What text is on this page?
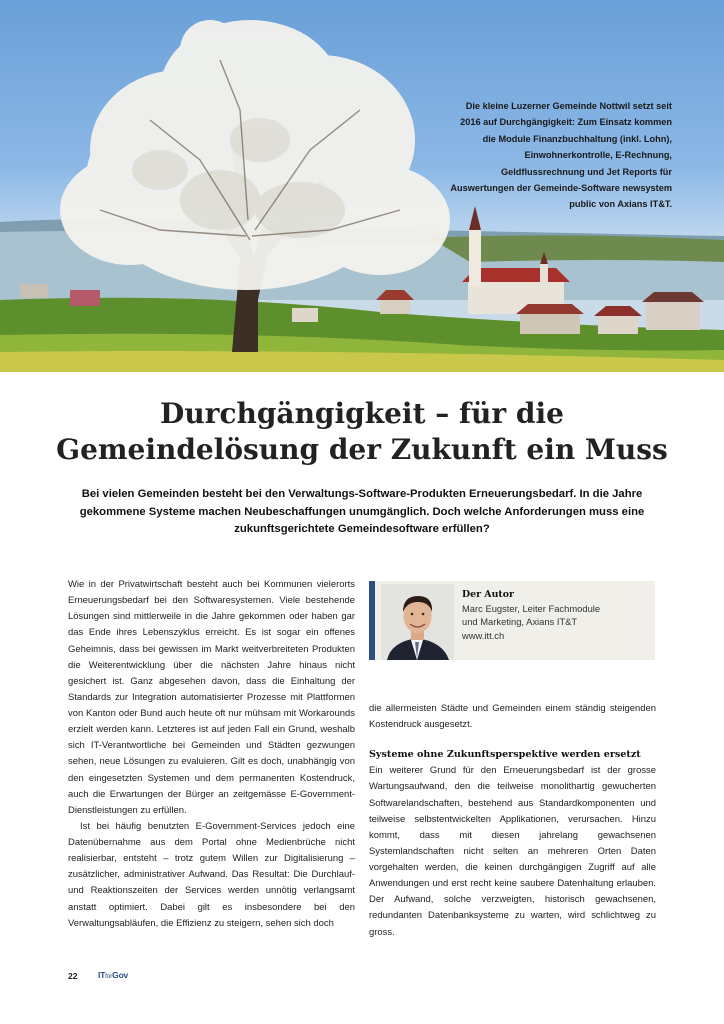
Die kleine Luzerner Gemeinde Nottwil setzt seit 2016 auf Durchgängigkeit: Zum Einsatz kommen die Module Finanzbuchhaltung (inkl. Lohn), Einwohnerkontrolle, E-Rechnung, Geldflussrechnung und Jet Reports für Auswertungen der Gemeinde-Software newsystem public von Axians IT&T.
Durchgängigkeit – für die
Gemeindelösung der Zukunft ein Muss

Bei vielen Gemeinden besteht bei den Verwaltungs-Software-Produkten Erneuerungsbedarf. In die Jahre gekommene Systeme machen Neubeschaffungen unumgänglich. Doch welche Anforderungen muss eine zukunftsgerichtete Gemeindesoftware erfüllen?

Wie in der Privatwirtschaft besteht auch bei Kommunen vielerorts Erneuerungsbedarf bei den Softwaresystemen. Viele bestehende Lösungen sind mittlerweile in die Jahre gekommen oder haben gar das Ende ihres Lebenszyklus erreicht. Es ist sogar ein offenes Geheimnis, dass bei gewissen im Markt weitverbreiteten Produkten die Weiterentwicklung über die nächsten Jahre hinaus nicht gesichert ist. Ganz abgesehen davon, dass die Einhaltung der Standards zur Integration automatisierter Prozesse mit Plattformen von Kanton oder Bund auch heute oft nur mühsam mit Workarounds erzielt werden kann. Letzteres ist auf jeden Fall ein Grund, weshalb sich IT-Verantwortliche bei Gemeinden und Städten gezwungen sehen, neue Lösungen zu evaluieren. Gilt es doch, unabhängig von den eingesetzten Systemen und dem permanenten Kostendruck, auch die Erwartungen der Bürger an zeitgemässe E-Government-Dienstleistungen zu erfüllen.

Ist bei häufig benutzten E-Government-Services jedoch eine Datenübernahme aus dem Portal ohne Medienbrüche nicht realisierbar, entsteht – trotz gutem Willen zur Digitalisierung – zusätzlicher, administrativer Aufwand. Das Resultat: Die Durchlauf- und Reaktionszeiten der Services werden unnötig verlangsamt anstatt optimiert. Dabei gilt es insbesondere bei den Verwaltungsabläufen, die Effizienz zu steigern, sehen sich doch

Der Autor
Marc Eugster, Leiter Fachmodule
und Marketing, Axians IT&T
www.itt.ch

die allermeisten Städte und Gemeinden einem ständig steigenden Kostendruck ausgesetzt.

Systeme ohne Zukunftsperspektive werden ersetzt

Ein weiterer Grund für den Erneuerungsbedarf ist der grosse Wartungsaufwand, den die teilweise monolithartig gewucherten Softwarelandschaften, bestehend aus Standardkomponenten und teilweise selbstentwickelten Applikationen, verursachen. Hinzu kommt, dass mit diesen jahrelang gewachsenen Systemlandschaften nicht selten an mehreren Orten Daten vorgehalten werden, die keinen durchgängigen Zugriff auf alle Anwendungen und erst recht keine saubere Datenhaltung erlauben. Der Aufwand, solche verzweigten, historisch gewachsenen, redundanten Datenbanksysteme zu warten, wird schlichtweg zu gross.

22 ITforGov
